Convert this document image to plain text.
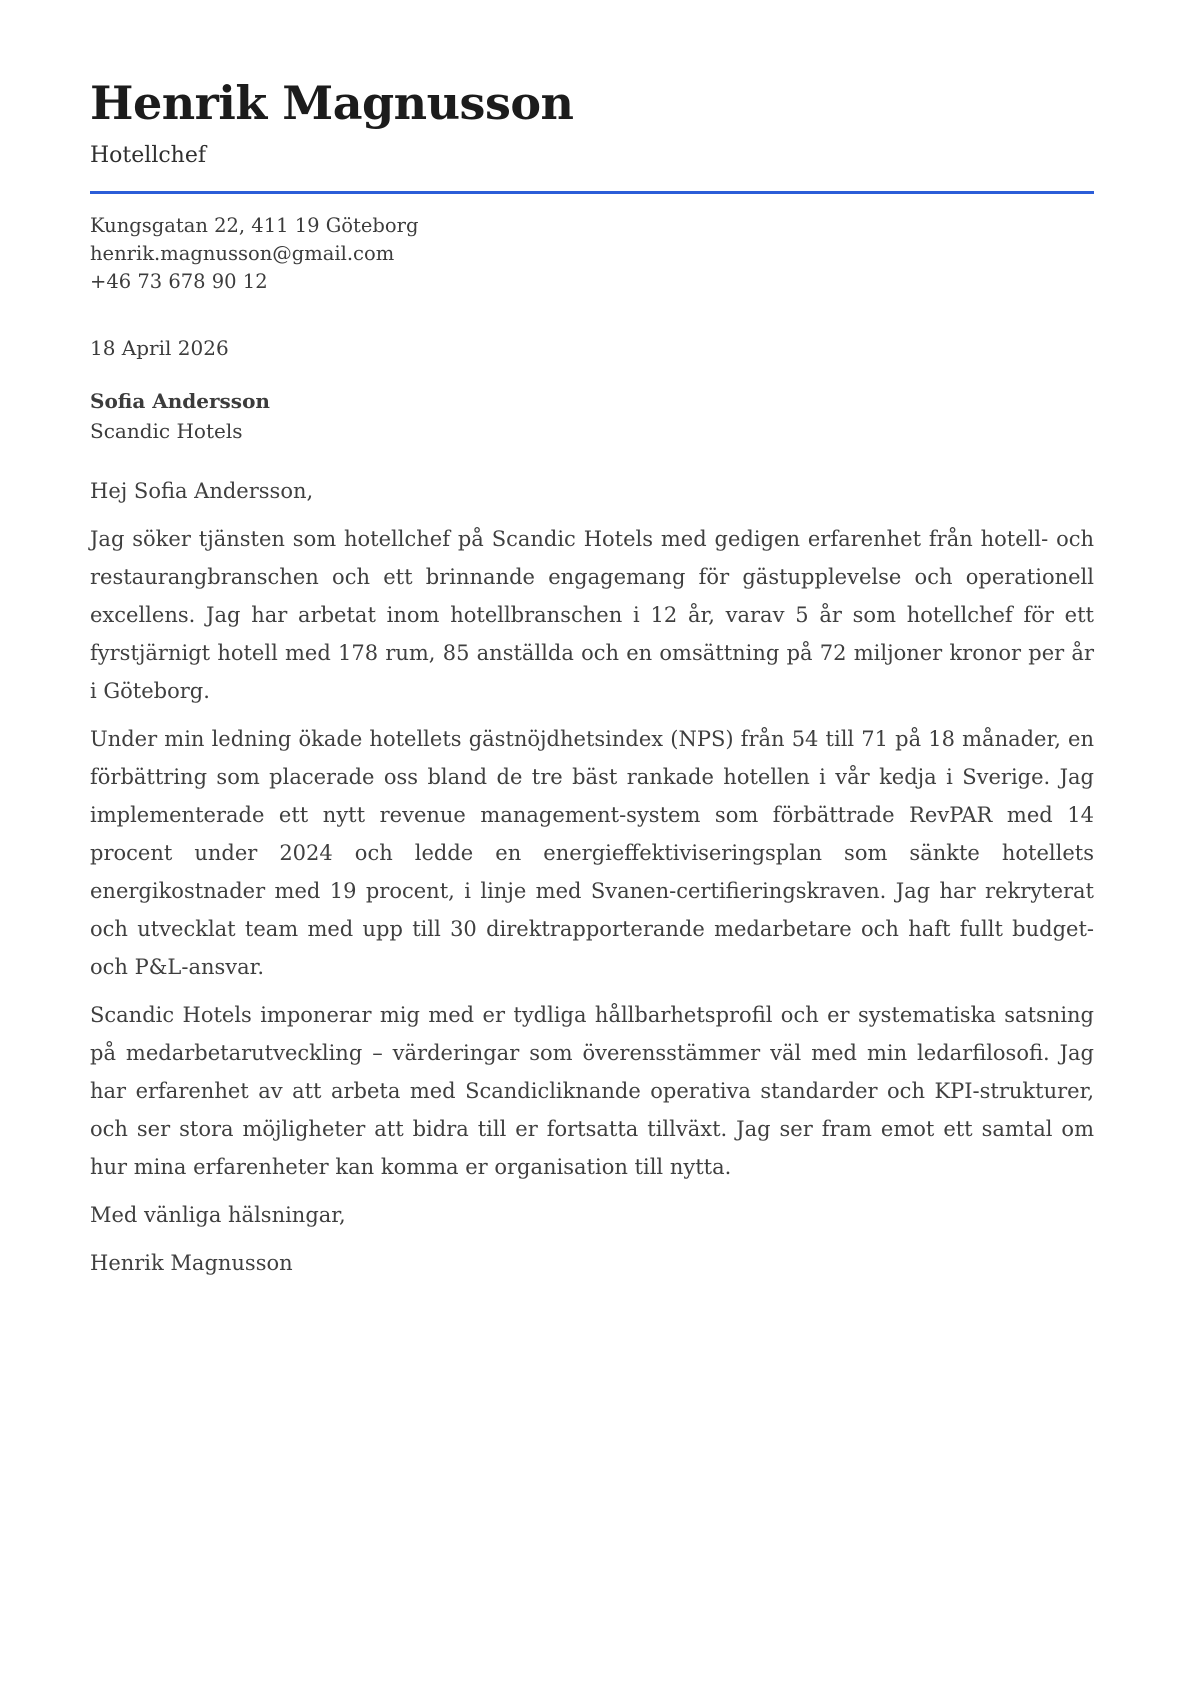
Henrik Magnusson

Hotellchef

Kungsgatan 22, 411 19 Göteborg

henrik.magnusson@gmail.com

+46 73 678 90 12

18 April 2026

Sofia Andersson

Scandic Hotels

Hej Sofia Andersson,

Jag söker tjänsten som hotellchef på Scandic Hotels med gedigen erfarenhet från hotell- och restaurangbranschen och ett brinnande engagemang för gästupplevelse och operationell excellens. Jag har arbetat inom hotellbranschen i 12 år, varav 5 år som hotellchef för ett fyrstjärnigt hotell med 178 rum, 85 anställda och en omsättning på 72 miljoner kronor per år i Göteborg.

Under min ledning ökade hotellets gästnöjdhetsindex (NPS) från 54 till 71 på 18 månader, en förbättring som placerade oss bland de tre bäst rankade hotellen i vår kedja i Sverige. Jag implementerade ett nytt revenue management-system som förbättrade RevPAR med 14 procent under 2024 och ledde en energieffektiviseringsplan som sänkte hotellets energikostnader med 19 procent, i linje med Svanen-certifieringskraven. Jag har rekryterat och utvecklat team med upp till 30 direktrapporterande medarbetare och haft fullt budget- och P&L-ansvar.

Scandic Hotels imponerar mig med er tydliga hållbarhetsprofil och er systematiska satsning på medarbetarutveckling – värderingar som överensstämmer väl med min ledarfilosofi. Jag har erfarenhet av att arbeta med Scandicliknande operativa standarder och KPI-strukturer, och ser stora möjligheter att bidra till er fortsatta tillväxt. Jag ser fram emot ett samtal om hur mina erfarenheter kan komma er organisation till nytta.

Med vänliga hälsningar,

Henrik Magnusson
